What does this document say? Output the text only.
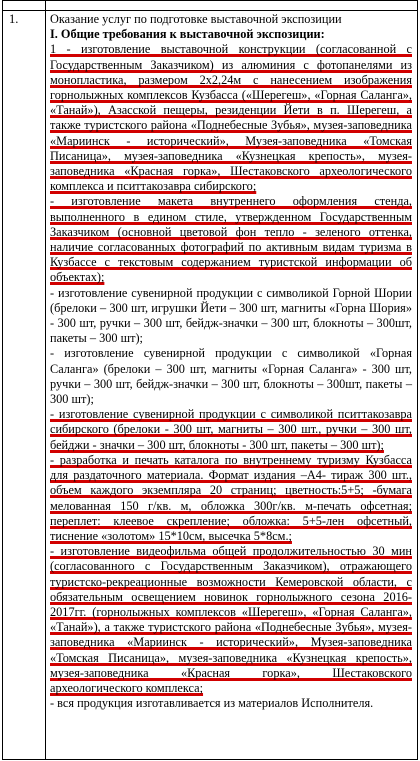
1.	Оказание услуг по подготовке выставочной экспозиции

I. Общие требования к выставочной экспозиции:

1 - изготовление выставочной конструкции (согласованной с Государственным Заказчиком) из алюминия с фотопанелями из монопластика, размером 2х2,24м с нанесением изображения горнолыжных комплексов Кузбасса («Шерегеш», «Горная Саланга», «Танай»), Азасской пещеры, резиденции Йети в п. Шерегеш, а также туристского района «Поднебесные Зубья», музея-заповедника «Мариинск - исторический», Музея-заповедника «Томская Писаница», музея-заповедника «Кузнецкая крепость», музея-заповедника «Красная горка», Шестаковского археологического комплекса и пситтакозавра сибирского;

- изготовление макета внутреннего оформления стенда, выполненного в едином стиле, утвержденном Государственным Заказчиком (основной цветовой фон тепло - зеленого оттенка, наличие согласованных фотографий по активным видам туризма в Кузбассе с текстовым содержанием туристской информации об объектах);

- изготовление сувенирной продукции с символикой Горной Шории (брелоки – 300 шт, игрушки Йети – 300 шт, магниты «Горна Шория» - 300 шт, ручки – 300 шт, бейдж-значки – 300 шт, блокноты – 300шт, пакеты – 300 шт);

- изготовление сувенирной продукции с символикой «Горная Саланга» (брелоки – 300 шт, магниты «Горная Саланга» - 300 шт, ручки – 300 шт, бейдж-значки – 300 шт, блокноты – 300шт, пакеты – 300 шт);

- изготовление сувенирной продукции с символикой пситтакозавра сибирского (брелоки - 300 шт, магниты – 300 шт., ручки – 300 шт, бейджи - значки – 300 шт, блокноты - 300 шт, пакеты – 300 шт);

- разработка и печать каталога по внутреннему туризму Кузбасса для раздаточного материала. Формат издания –А4- тираж 300 шт., объем каждого экземпляра 20 страниц; цветность:5+5; -бумага мелованная 150 г/кв. м, обложка 300г/кв. м-печать офсетная; переплет: клеевое скрепление; обложка: 5+5-лен офсетный, тиснение «золотом» 15*10см, высечка 5*8см.;

- изготовление видеофильма общей продолжительностью 30 мин (согласованного с Государственным Заказчиком), отражающего туристско-рекреационные возможности Кемеровской области, с обязательным освещением новинок горнолыжного сезона 2016-2017гг. (горнолыжных комплексов «Шерегеш», «Горная Саланга», «Танай»), а также туристского района «Поднебесные Зубья», музея-заповедника «Мариинск - исторический», Музея-заповедника «Томская Писаница», музея-заповедника «Кузнецкая крепость», музея-заповедника «Красная горка», Шестаковского археологического комплекса;

- вся продукция изготавливается из материалов Исполнителя.
